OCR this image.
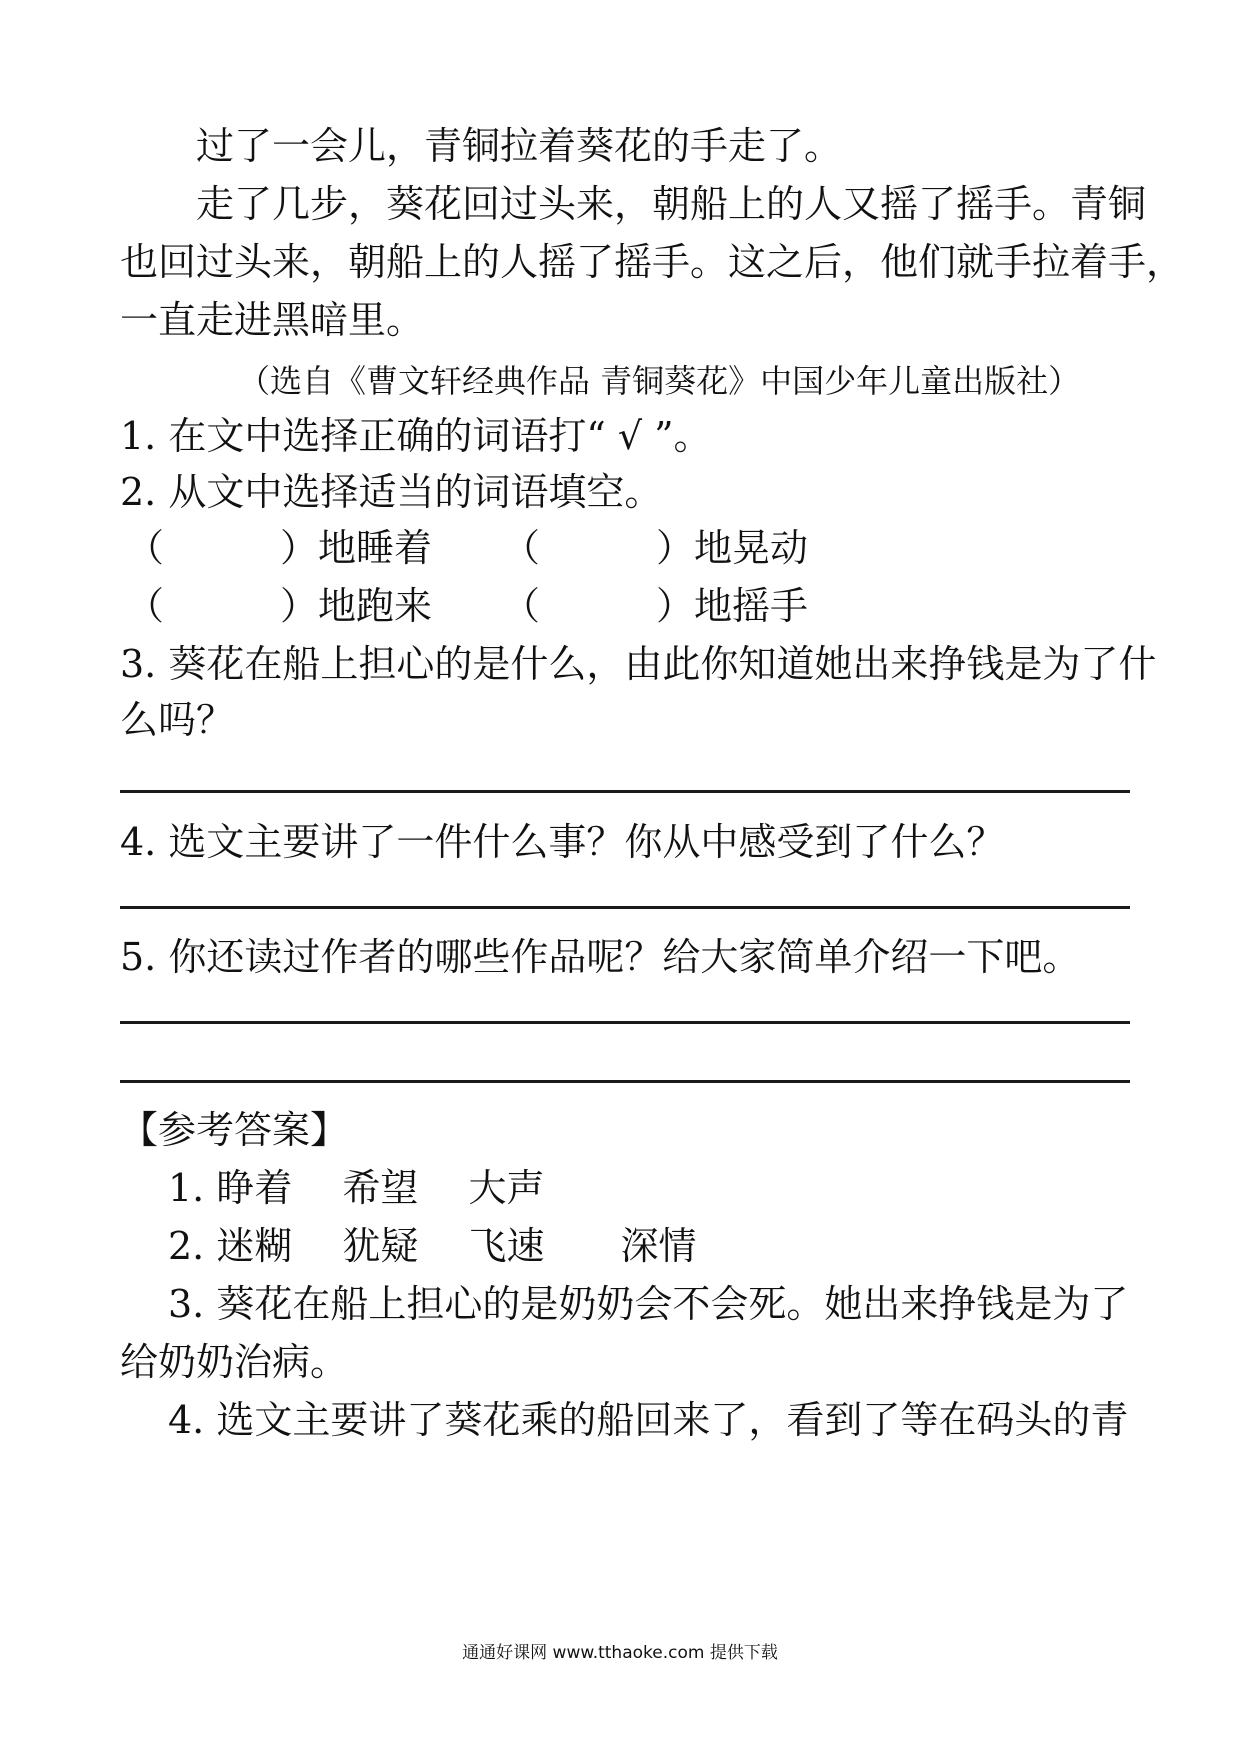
过了一会儿，青铜拉着葵花的手走了。
走了几步，葵花回过头来，朝船上的人又摇了摇手。青铜
也回过头来，朝船上的人摇了摇手。这之后，他们就手拉着手，
一直走进黑暗里。
（选自《曹文轩经典作品 青铜葵花》中国少年儿童出版社）
1. 在文中选择正确的词语打“ √ ”。
2. 从文中选择适当的词语填空。
（	）地睡着 （	）地晃动
（	）地跑来 （	）地摇手
3. 葵花在船上担心的是什么，由此你知道她出来挣钱是为了什
么吗？
4. 选文主要讲了一件什么事？你从中感受到了什么？
5. 你还读过作者的哪些作品呢？给大家简单介绍一下吧。
【参考答案】
1. 睁着　 希望　 大声
2. 迷糊　 犹疑　 飞速　　深情
3. 葵花在船上担心的是奶奶会不会死。她出来挣钱是为了
给奶奶治病。
4. 选文主要讲了葵花乘的船回来了，看到了等在码头的青
通通好课网 www.tthaoke.com 提供下载
